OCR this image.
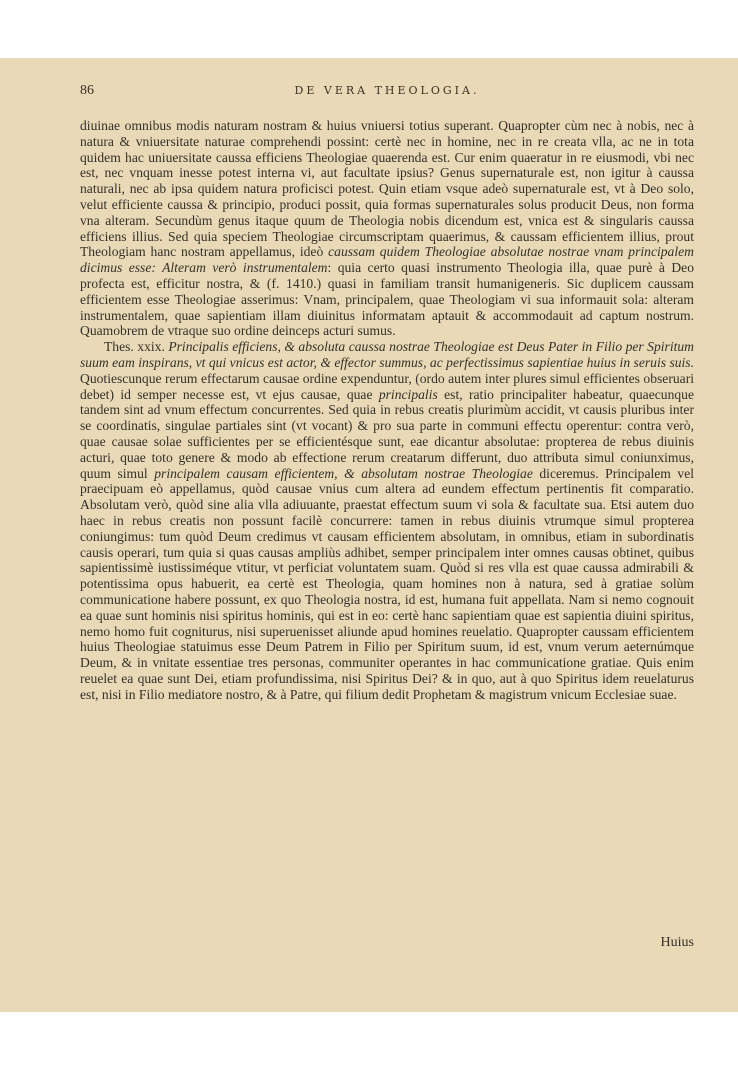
86	DE VERA THEOLOGIA.

diuinae omnibus modis naturam nostram & huius vniuersi totius superant. Quapropter cùm nec à nobis, nec à natura & vniuersitate naturae comprehendi possint: certè nec in homine, nec in re creata vlla, ac ne in tota quidem hac uniuersitate caussa efficiens Theologiae quaerenda est. Cur enim quaeratur in re eiusmodi, vbi nec est, nec vnquam inesse potest interna vi, aut facultate ipsius? Genus supernaturale est, non igitur à caussa naturali, nec ab ipsa quidem natura proficisci potest. Quin etiam vsque adeò supernaturale est, vt à Deo solo, velut efficiente caussa & principio, produci possit, quia formas supernaturales solus producit Deus, non forma vna alteram. Secundùm genus itaque quum de Theologia nobis dicendum est, vnica est & singularis caussa efficiens illius. Sed quia speciem Theologiae circumscriptam quaerimus, & caussam efficientem illius, prout Theologiam hanc nostram appellamus, ideò caussam quidem Theologiae absolutae nostrae vnam principalem dicimus esse: Alteram verò instrumentalem: quia certo quasi instrumento Theologia illa, quae purè à Deo profecta est, efficitur nostra, & (f. 1410.) quasi in familiam transit humanigeneris. Sic duplicem caussam efficientem esse Theologiae asserimus: Vnam, principalem, quae Theologiam vi sua informauit sola: alteram instrumentalem, quae sapientiam illam diuinitus informatam aptauit & accommodauit ad captum nostrum. Quamobrem de vtraque suo ordine deinceps acturi sumus.

Thes. xxix. Principalis efficiens, & absoluta caussa nostrae Theologiae est Deus Pater in Filio per Spiritum suum eam inspirans, vt qui vnicus est actor, & effector summus, ac perfectissimus sapientiae huius in seruis suis. Quotiescunque rerum effectarum causae ordine expenduntur, (ordo autem inter plures simul efficientes obseruari debet) id semper necesse est, vt ejus causae, quae principalis est, ratio principaliter habeatur, quaecunque tandem sint ad vnum effectum concurrentes. Sed quia in rebus creatis plurimùm accidit, vt causis pluribus inter se coordinatis, singulae partiales sint (vt vocant) & pro sua parte in communi effectu operentur: contra verò, quae causae solae sufficientes per se efficientésque sunt, eae dicantur absolutae: propterea de rebus diuinis acturi, quae toto genere & modo ab effectione rerum creatarum differunt, duo attributa simul coniunximus, quum simul principalem causam efficientem, & absolutam nostrae Theologiae diceremus. Principalem vel praecipuam eò appellamus, quòd causae vnius cum altera ad eundem effectum pertinentis fit comparatio. Absolutam verò, quòd sine alia vlla adiuuante, praestat effectum suum vi sola & facultate sua. Etsi autem duo haec in rebus creatis non possunt facilè concurrere: tamen in rebus diuinis vtrumque simul propterea coniungimus: tum quòd Deum credimus vt causam efficientem absolutam, in omnibus, etiam in subordinatis causis operari, tum quia si quas causas ampliùs adhibet, semper principalem inter omnes causas obtinet, quibus sapientissimè iustissiméque vtitur, vt perficiat voluntatem suam. Quòd si res vlla est quae caussa admirabili & potentissima opus habuerit, ea certè est Theologia, quam homines non à natura, sed à gratiae solùm communicatione habere possunt, ex quo Theologia nostra, id est, humana fuit appellata. Nam si nemo cognouit ea quae sunt hominis nisi spiritus hominis, qui est in eo: certè hanc sapientiam quae est sapientia diuini spiritus, nemo homo fuit cogniturus, nisi superuenisset aliunde apud homines reuelatio. Quapropter caussam efficientem huius Theologiae statuimus esse Deum Patrem in Filio per Spiritum suum, id est, vnum verum aeternúmque Deum, & in vnitate essentiae tres personas, communiter operantes in hac communicatione gratiae. Quis enim reuelet ea quae sunt Dei, etiam profundissima, nisi Spiritus Dei? & in quo, aut à quo Spiritus idem reuelaturus est, nisi in Filio mediatore nostro, & à Patre, qui filium dedit Prophetam & magistrum vnicum Ecclesiae suae.

Huius
